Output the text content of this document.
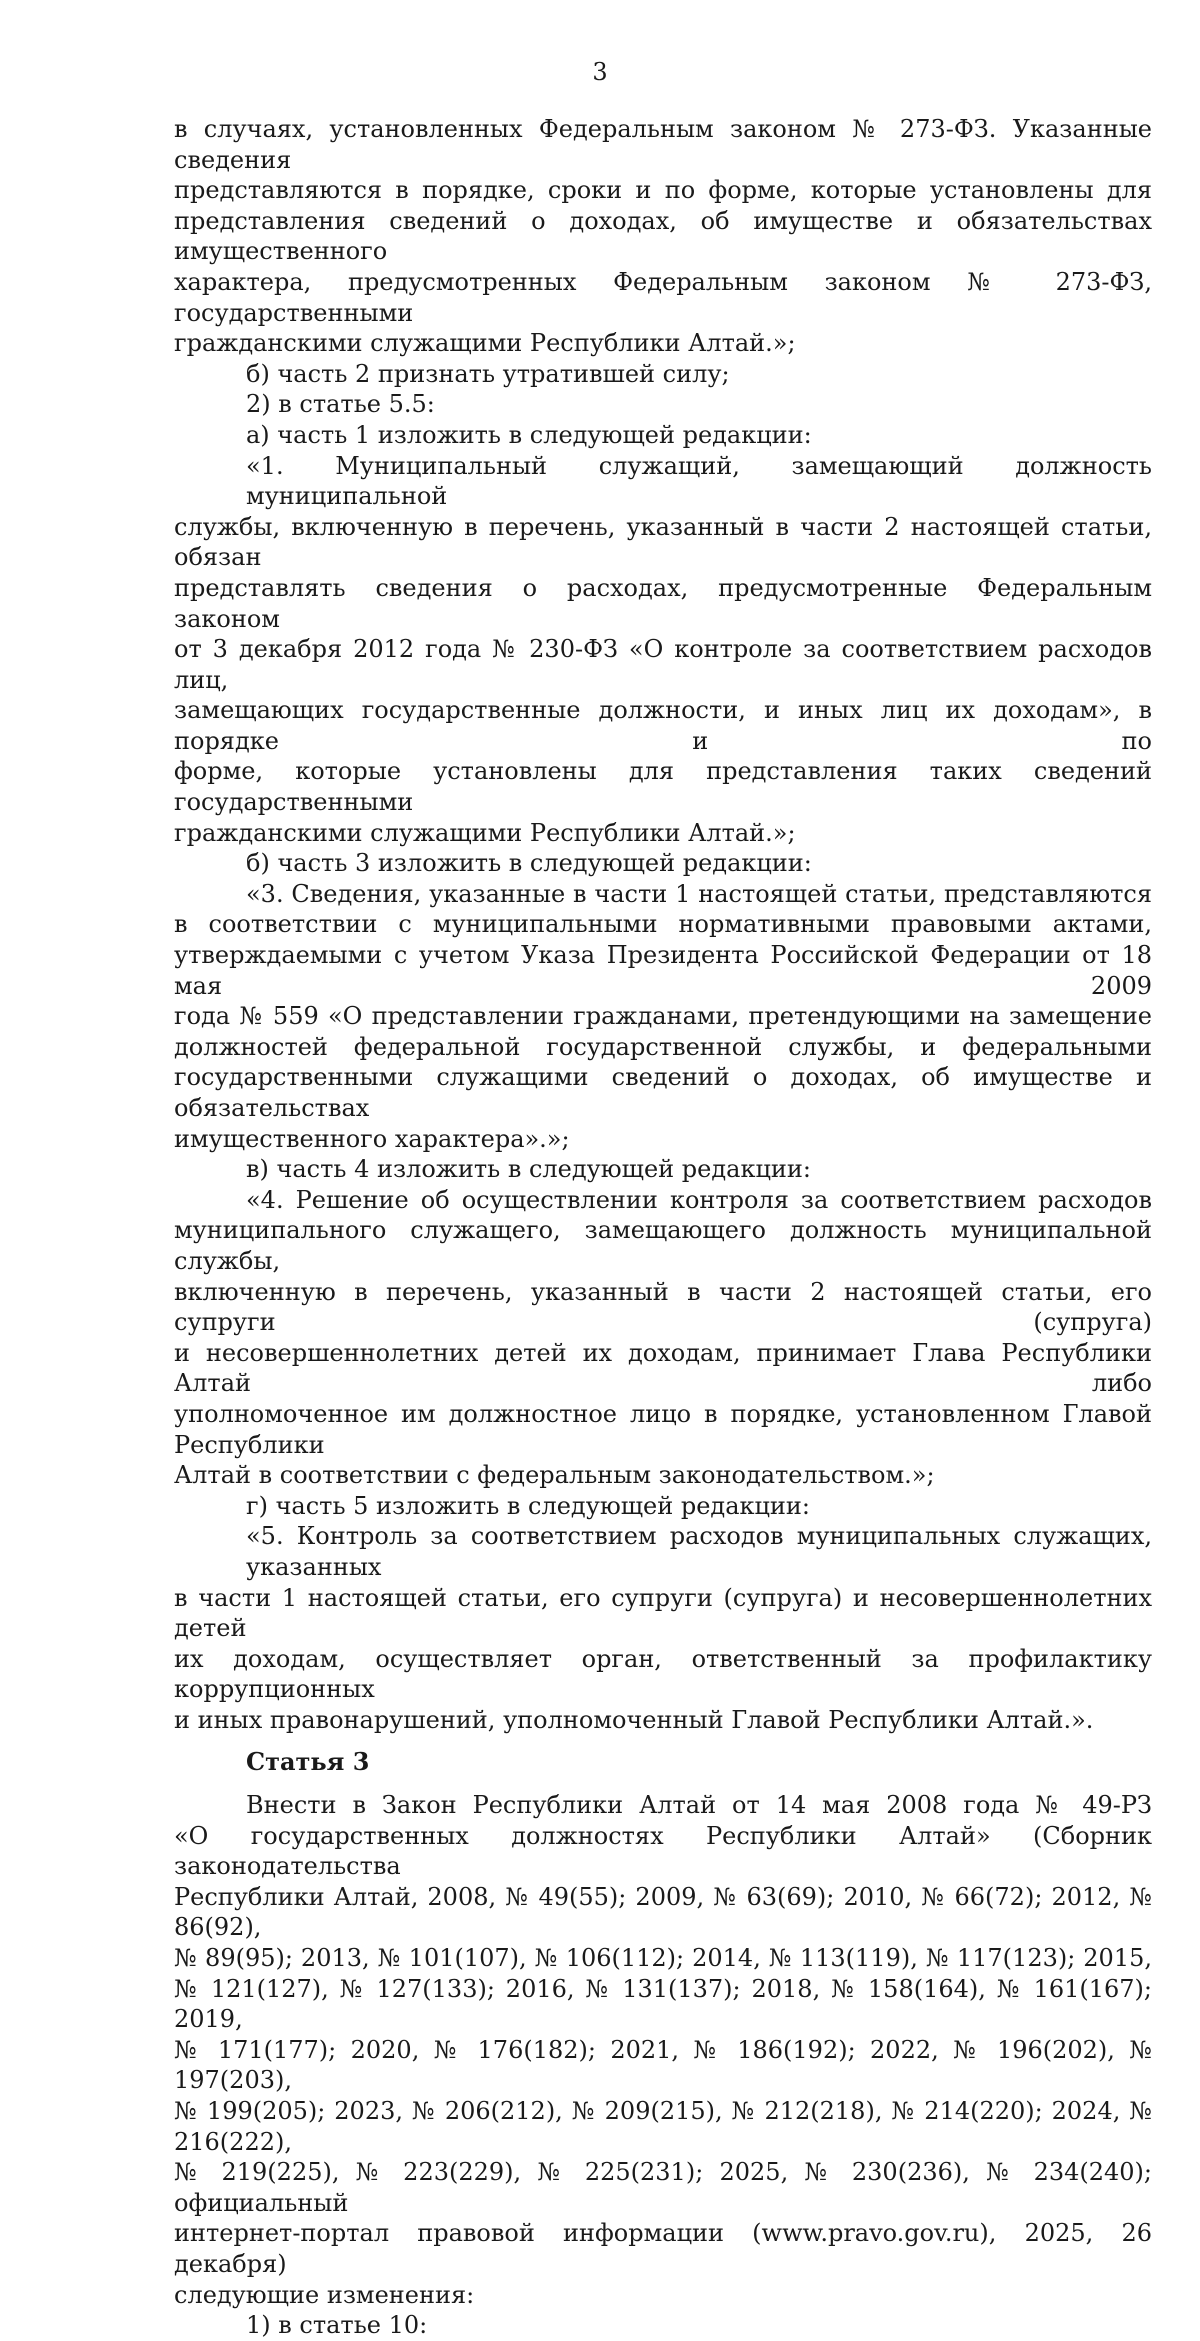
3

в случаях, установленных Федеральным законом № 273-ФЗ. Указанные сведения
представляются в порядке, сроки и по форме, которые установлены для
представления сведений о доходах, об имуществе и обязательствах имущественного
характера, предусмотренных Федеральным законом № 273-ФЗ, государственными
гражданскими служащими Республики Алтай.»;

б) часть 2 признать утратившей силу;

2) в статье 5.5:

а) часть 1 изложить в следующей редакции:

«1. Муниципальный служащий, замещающий должность муниципальной
службы, включенную в перечень, указанный в части 2 настоящей статьи, обязан
представлять сведения о расходах, предусмотренные Федеральным законом
от 3 декабря 2012 года № 230-ФЗ «О контроле за соответствием расходов лиц,
замещающих государственные должности, и иных лиц их доходам», в порядке и по
форме, которые установлены для представления таких сведений государственными
гражданскими служащими Республики Алтай.»;

б) часть 3 изложить в следующей редакции:

«3. Сведения, указанные в части 1 настоящей статьи, представляются
в соответствии с муниципальными нормативными правовыми актами,
утверждаемыми с учетом Указа Президента Российской Федерации от 18 мая 2009
года № 559 «О представлении гражданами, претендующими на замещение
должностей федеральной государственной службы, и федеральными
государственными служащими сведений о доходах, об имуществе и обязательствах
имущественного характера».»;

в) часть 4 изложить в следующей редакции:

«4. Решение об осуществлении контроля за соответствием расходов
муниципального служащего, замещающего должность муниципальной службы,
включенную в перечень, указанный в части 2 настоящей статьи, его супруги (супруга)
и несовершеннолетних детей их доходам, принимает Глава Республики Алтай либо
уполномоченное им должностное лицо в порядке, установленном Главой Республики
Алтай в соответствии с федеральным законодательством.»;

г) часть 5 изложить в следующей редакции:

«5. Контроль за соответствием расходов муниципальных служащих, указанных
в части 1 настоящей статьи, его супруги (супруга) и несовершеннолетних детей
их доходам, осуществляет орган, ответственный за профилактику коррупционных
и иных правонарушений, уполномоченный Главой Республики Алтай.».

Статья 3

Внести в Закон Республики Алтай от 14 мая 2008 года № 49-РЗ
«О государственных должностях Республики Алтай» (Сборник законодательства
Республики Алтай, 2008, № 49(55); 2009, № 63(69); 2010, № 66(72); 2012, № 86(92),
№ 89(95); 2013, № 101(107), № 106(112); 2014, № 113(119), № 117(123); 2015,
№ 121(127), № 127(133); 2016, № 131(137); 2018, № 158(164), № 161(167); 2019,
№ 171(177); 2020, № 176(182); 2021, № 186(192); 2022, № 196(202), № 197(203),
№ 199(205); 2023, № 206(212), № 209(215), № 212(218), № 214(220); 2024, № 216(222),
№ 219(225), № 223(229), № 225(231); 2025, № 230(236), № 234(240); официальный
интернет-портал правовой информации (www.pravo.gov.ru), 2025, 26 декабря)
следующие изменения:

1) в статье 10:
